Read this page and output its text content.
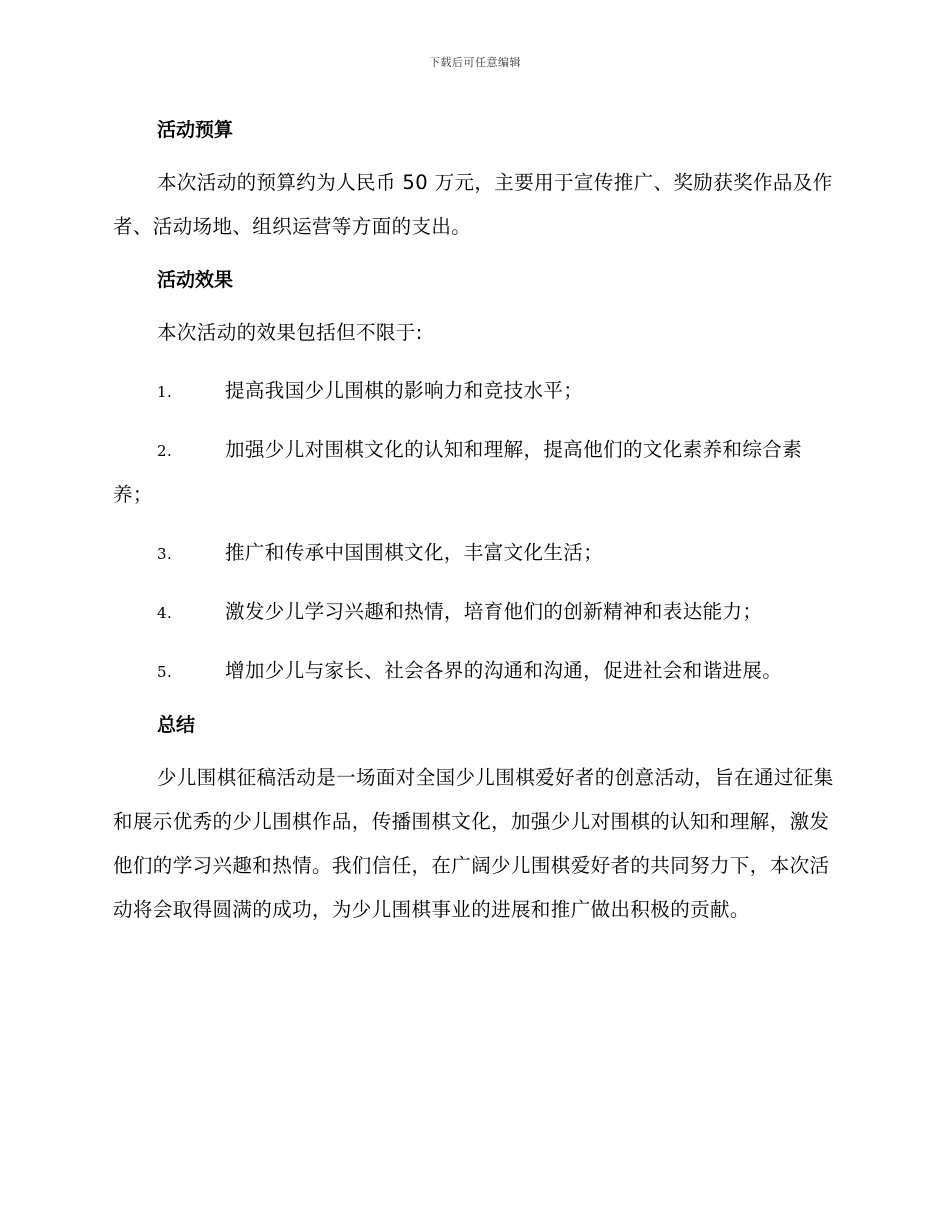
下载后可任意编辑
活动预算

本次活动的预算约为人民币 50 万元，主要用于宣传推广、奖励获奖作品及作者、活动场地、组织运营等方面的支出。

活动效果

本次活动的效果包括但不限于:

1.	提高我国少儿围棋的影响力和竞技水平；

2.	加强少儿对围棋文化的认知和理解，提高他们的文化素养和综合素养；

3.	推广和传承中国围棋文化，丰富文化生活；

4.	激发少儿学习兴趣和热情，培育他们的创新精神和表达能力；

5.	增加少儿与家长、社会各界的沟通和沟通，促进社会和谐进展。

总结

少儿围棋征稿活动是一场面对全国少儿围棋爱好者的创意活动，旨在通过征集和展示优秀的少儿围棋作品，传播围棋文化，加强少儿对围棋的认知和理解，激发他们的学习兴趣和热情。我们信任，在广阔少儿围棋爱好者的共同努力下，本次活动将会取得圆满的成功，为少儿围棋事业的进展和推广做出积极的贡献。
